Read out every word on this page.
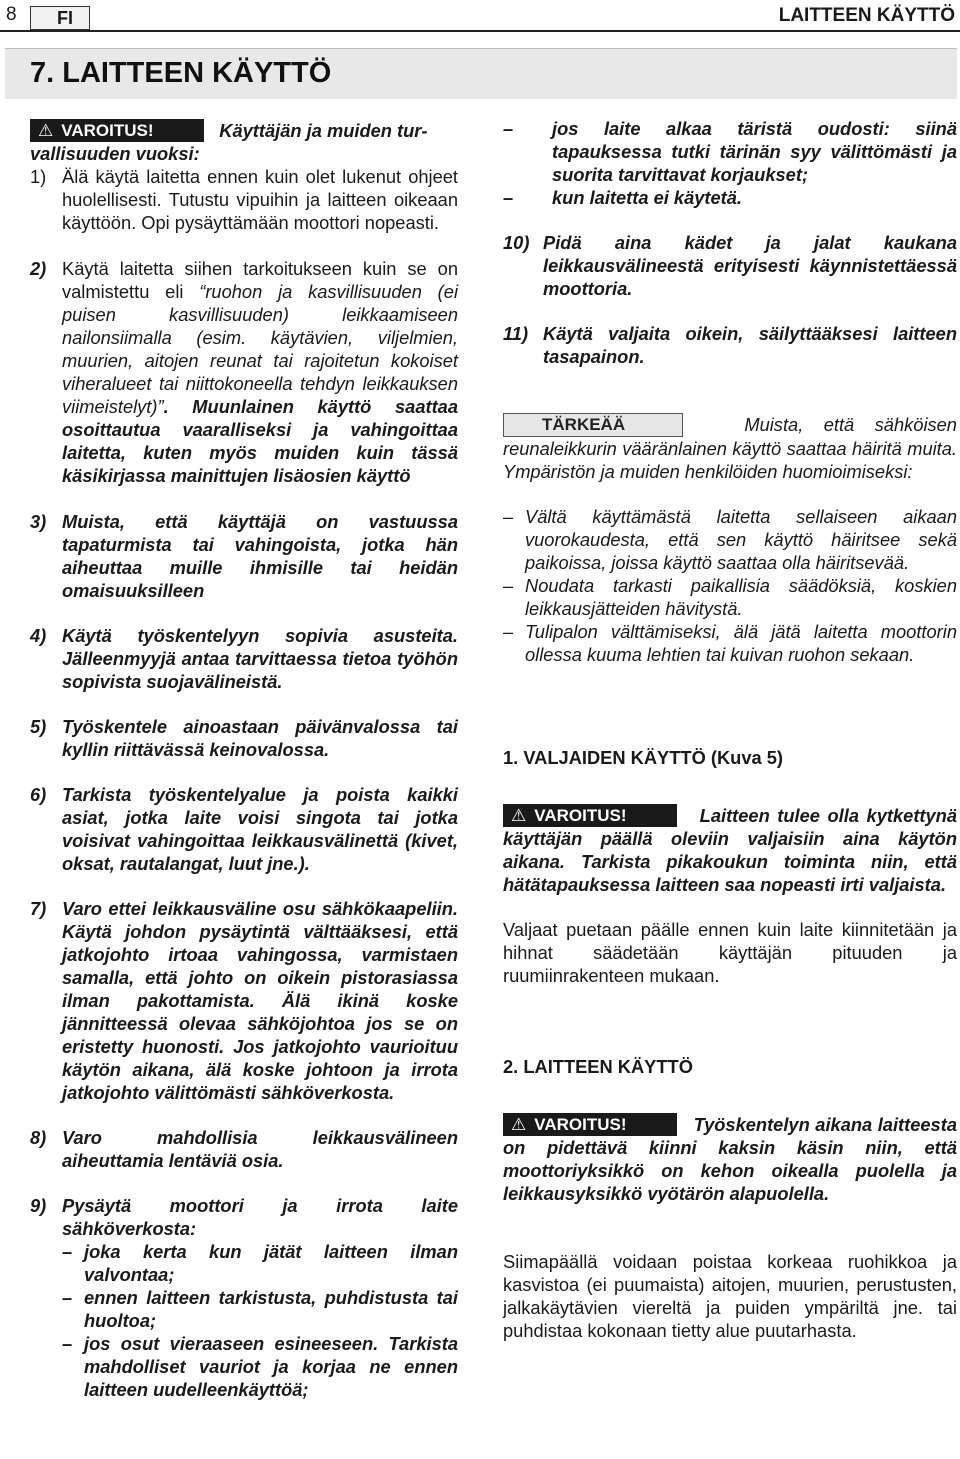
8	FI	LAITTEEN KÄYTTÖ
7. LAITTEEN KÄYTTÖ
⚠ VAROITUS!	Käyttäjän ja muiden tur-
vallisuuden vuoksi:
1) Älä käytä laitetta ennen kuin olet lukenut ohjeet huolellisesti. Tutustu vipuihin ja laitteen oikeaan käyttöön. Opi pysäyttämään moottori nopeasti.
2) Käytä laitetta siihen tarkoitukseen kuin se on valmistettu eli “ruohon ja kasvillisuuden (ei puisen kasvillisuuden) leikkaamiseen nailonsiimalla (esim. käytävien, viljelmien, muurien, aitojen reunat tai rajoitetun kokoiset viheralueet tai niittokoneella tehdyn leikkauksen viimeistelyt)”. Muunlainen käyttö saattaa osoittautua vaaralliseksi ja vahingoittaa laitetta, kuten myös muiden kuin tässä käsikirjassa mainittujen lisäosien käyttö
3) Muista, että käyttäjä on vastuussa tapaturmista tai vahingoista, jotka hän aiheuttaa muille ihmisille tai heidän omaisuuksilleen
4) Käytä työskentelyyn sopivia asusteita. Jälleenmyyjä antaa tarvittaessa tietoa työhön sopivista suojavälineistä.
5) Työskentele ainoastaan päivänvalossa tai kyllin riittävässä keinovalossa.
6) Tarkista työskentelyalue ja poista kaikki asiat, jotka laite voisi singota tai jotka voisivat vahingoittaa leikkausvälinettä (kivet, oksat, rautalangat, luut jne.).
7) Varo ettei leikkausväline osu sähkökaapeliin. Käytä johdon pysäytintä välttääksesi, että jatkojohto irtoaa vahingossa, varmistaen samalla, että johto on oikein pistorasiassa ilman pakottamista. Älä ikinä koske jännitteessä olevaa sähköjohtoa jos se on eristetty huonosti. Jos jatkojohto vaurioituu käytön aikana, älä koske johtoon ja irrota jatkojohto välittömästi sähköverkosta.
8) Varo mahdollisia leikkausvälineen aiheuttamia lentäviä osia.
9) Pysäytä moottori ja irrota laite sähköverkosta:
– joka kerta kun jätät laitteen ilman valvontaa;
– ennen laitteen tarkistusta, puhdistusta tai huoltoa;
– jos osut vieraaseen esineeseen. Tarkista mahdolliset vauriot ja korjaa ne ennen laitteen uudelleenkäyttöä;
–	jos laite alkaa täristä oudosti: siinä tapauksessa tutki tärinän syy välittömästi ja suorita tarvittavat korjaukset;
–	kun laitetta ei käytetä.
10) Pidä aina kädet ja jalat kaukana leikkausvälineestä erityisesti käynnistettäessä moottoria.
11) Käytä valjaita oikein, säilyttääksesi laitteen tasapainon.
TÄRKEÄÄ	Muista, että sähköisen reunaleikkurin vääränlainen käyttö saattaa häiritä muita. Ympäristön ja muiden henkilöiden huomioimiseksi:
– Vältä käyttämästä laitetta sellaiseen aikaan vuorokaudesta, että sen käyttö häiritsee sekä paikoissa, joissa käyttö saattaa olla häiritsevää.
– Noudata tarkasti paikallisia säädöksiä, koskien leikkausjätteiden hävitystä.
– Tulipalon välttämiseksi, älä jätä laitetta moottorin ollessa kuuma lehtien tai kuivan ruohon sekaan.
1. VALJAIDEN KÄYTTÖ (Kuva 5)
⚠ VAROITUS!	Laitteen tulee olla kytkettynä käyttäjän päällä oleviin valjaisiin aina käytön aikana. Tarkista pikakoukun toiminta niin, että hätätapauksessa laitteen saa nopeasti irti valjaista.
Valjaat puetaan päälle ennen kuin laite kiinnitetään ja hihnat säädetään käyttäjän pituuden ja ruumiinrakenteen mukaan.
2. LAITTEEN KÄYTTÖ
⚠ VAROITUS!	Työskentelyn aikana laitteesta on pidettävä kiinni kaksin käsin niin, että moottoriyksikkö on kehon oikealla puolella ja leikkausyksikkö vyötärön alapuolella.
Siimapäällä voidaan poistaa korkeaa ruohikkoa ja kasvistoa (ei puumaista) aitojen, muurien, perustusten, jalkakäytävien viereltä ja puiden ympäriltä jne. tai puhdistaa kokonaan tietty alue puutarhasta.
